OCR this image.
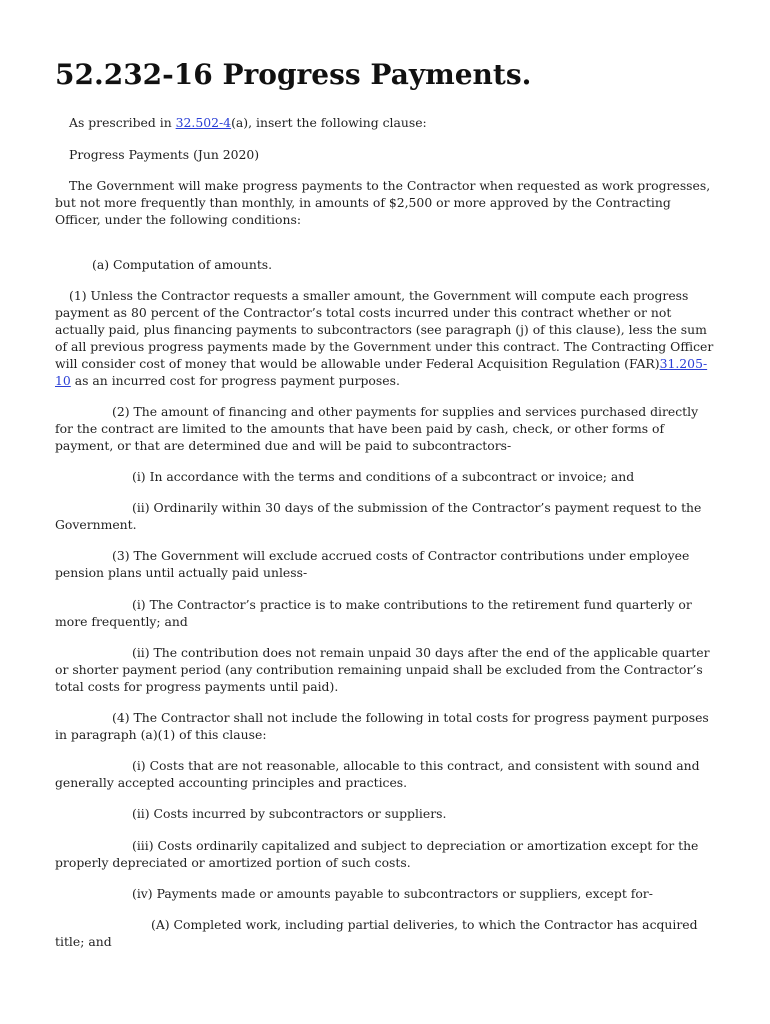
52.232-16 Progress Payments.

As prescribed in 32.502-4(a), insert the following clause:

Progress Payments (Jun 2020)

The Government will make progress payments to the Contractor when requested as work progresses, but not more frequently than monthly, in amounts of $2,500 or more approved by the Contracting Officer, under the following conditions:

(a) Computation of amounts.

(1) Unless the Contractor requests a smaller amount, the Government will compute each progress payment as 80 percent of the Contractor’s total costs incurred under this contract whether or not actually paid, plus financing payments to subcontractors (see paragraph (j) of this clause), less the sum of all previous progress payments made by the Government under this contract. The Contracting Officer will consider cost of money that would be allowable under Federal Acquisition Regulation (FAR)31.205-10 as an incurred cost for progress payment purposes.

(2) The amount of financing and other payments for supplies and services purchased directly for the contract are limited to the amounts that have been paid by cash, check, or other forms of payment, or that are determined due and will be paid to subcontractors-

(i) In accordance with the terms and conditions of a subcontract or invoice; and

(ii) Ordinarily within 30 days of the submission of the Contractor’s payment request to the Government.

(3) The Government will exclude accrued costs of Contractor contributions under employee pension plans until actually paid unless-

(i) The Contractor’s practice is to make contributions to the retirement fund quarterly or more frequently; and

(ii) The contribution does not remain unpaid 30 days after the end of the applicable quarter or shorter payment period (any contribution remaining unpaid shall be excluded from the Contractor’s total costs for progress payments until paid).

(4) The Contractor shall not include the following in total costs for progress payment purposes in paragraph (a)(1) of this clause:

(i) Costs that are not reasonable, allocable to this contract, and consistent with sound and generally accepted accounting principles and practices.

(ii) Costs incurred by subcontractors or suppliers.

(iii) Costs ordinarily capitalized and subject to depreciation or amortization except for the properly depreciated or amortized portion of such costs.

(iv) Payments made or amounts payable to subcontractors or suppliers, except for-

(A) Completed work, including partial deliveries, to which the Contractor has acquired title; and
